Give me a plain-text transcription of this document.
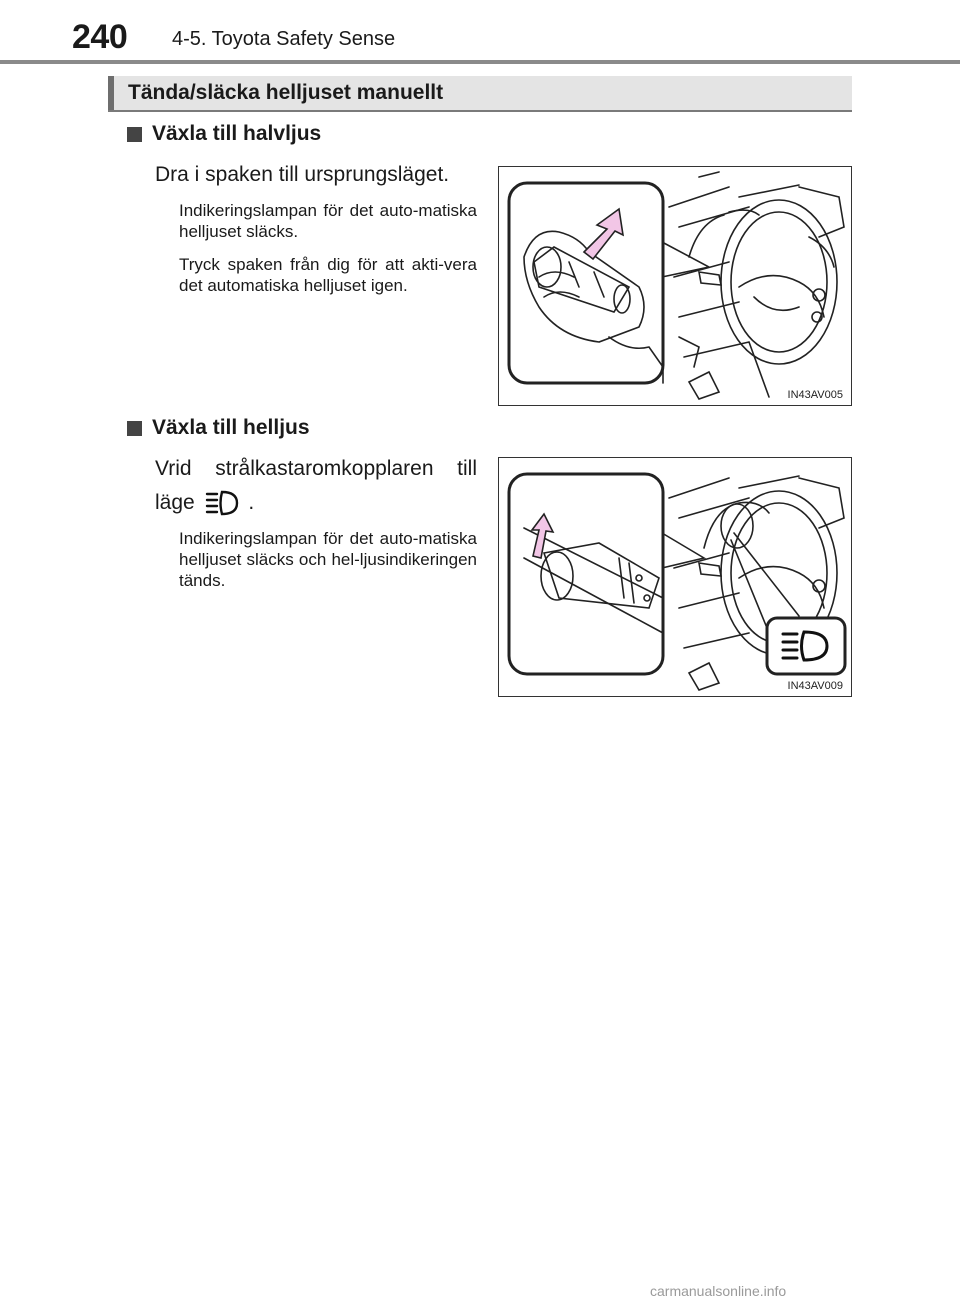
240 4-5. Toyota Safety Sense
Tända/släcka helljuset manuellt
Växla till halvljus
Dra i spaken till ursprungsläget.
Indikeringslampan för det auto-matiska helljuset släcks.
Tryck spaken från dig för att akti-vera det automatiska helljuset igen.
IN43AV005
Växla till helljus
Vrid strålkastaromkopplaren till
läge	.
Indikeringslampan för det auto-matiska helljuset släcks och hel-ljusindikeringen tänds.
IN43AV009
carmanualsonline.info
